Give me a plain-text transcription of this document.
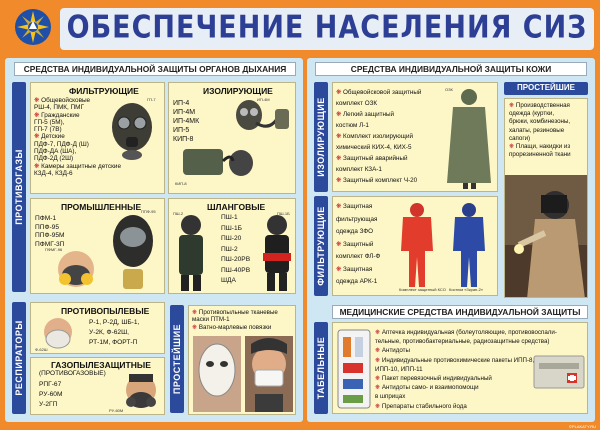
ОБЕСПЕЧЕНИЕ НАСЕЛЕНИЯ СИЗ
СРЕДСТВА ИНДИВИДУАЛЬНОЙ ЗАЩИТЫ ОРГАНОВ ДЫХАНИЯ
ПРОТИВОГАЗЫ
РЕСПИРАТОРЫ	ПРОСТЕЙШИЕ
ФИЛЬТРУЮЩИЕ
❋ Общевойсковые
РШ-4, ПМК, ПМГ
❋ Гражданские
ГП-5 (5М),
ГП-7 (7В)
❋ Детские
ПДФ-7, ПДФ-Д (Ш)
ПДФ-ДА (ША),
ПДФ-2Д (2Ш)
❋ Камеры защитные детские
КЗД-4, КЗД-6
ГП-7
ИЗОЛИРУЮЩИЕ
ИП-4
ИП-4М
ИП-4МК
ИП-5
КИП-8
ИП-4М
КИП-8
ПРОМЫШЛЕННЫЕ
ПФМ-1
ППФ-95
ППФ-95М
ПФМГ-3П
ППФ-95
ПФМГ-96
ШЛАНГОВЫЕ
ПШ-2
ПШ-1
ПШ-1Б
ПШ-20
ПШ-2
ПШ-20РВ
ПШ-40РВ
ШДА
ПШ-1Б
ПРОТИВОПЫЛЕВЫЕ
Ф-62Ш
Р-1, Р-2Д, ШБ-1,
У-2К, Ф-62Ш,
РТ-1М, ФОРТ-П
ГАЗОПЫЛЕЗАЩИТНЫЕ
(ПРОТИВОГАЗОВЫЕ)
РПГ-67
РУ-60М
У-2ГП
РУ-60М
❋ Противопыльные тканевые
маски ПТМ-1
❋ Ватно-марлевые повязки
СРЕДСТВА ИНДИВИДУАЛЬНОЙ ЗАЩИТЫ КОЖИ
ИЗОЛИРУЮЩИЕ
ФИЛЬТРУЮЩИЕ
❋ Общевойсковой защитный
комплект ОЗК
❋ Легкий защитный
костюм Л-1
❋ Комплект изолирующий
химический КИХ-4, КИХ-5
❋ Защитный аварийный
комплект КЗА-1
❋ Защитный комплект Ч-20
ОЗК	ПРОСТЕЙШИЕ
❋ Производственная
одежда (куртки,
брюки, комбинезоны,
халаты, резиновые
сапоги)
❋ Плащи, накидки из
прорезиненной ткани
❋ Защитная
фильтрующая
одежда ЗФО
❋ Защитный
комплект ФЛ-Ф
❋ Защитная
одежда АРК-1
Комплект защитный КСО Костюм «Зкран-2»
МЕДИЦИНСКИЕ СРЕДСТВА ИНДИВИДУАЛЬНОЙ ЗАЩИТЫ
ТАБЕЛЬНЫЕ
❋ Аптечка индивидуальная (болеутоляющие, противовоспали-
тельные, противобактериальные, радиозащитные средства)
❋ Антидоты
❋ Индивидуальные противохимические пакеты ИПП-8,
ИПП-10, ИПП-11
❋ Пакет перевязочный индивидуальный
❋ Антидоты само- и взаимопомощи
в шприцах
❋ Препараты стабильного йода
©PLAKATY.RU
